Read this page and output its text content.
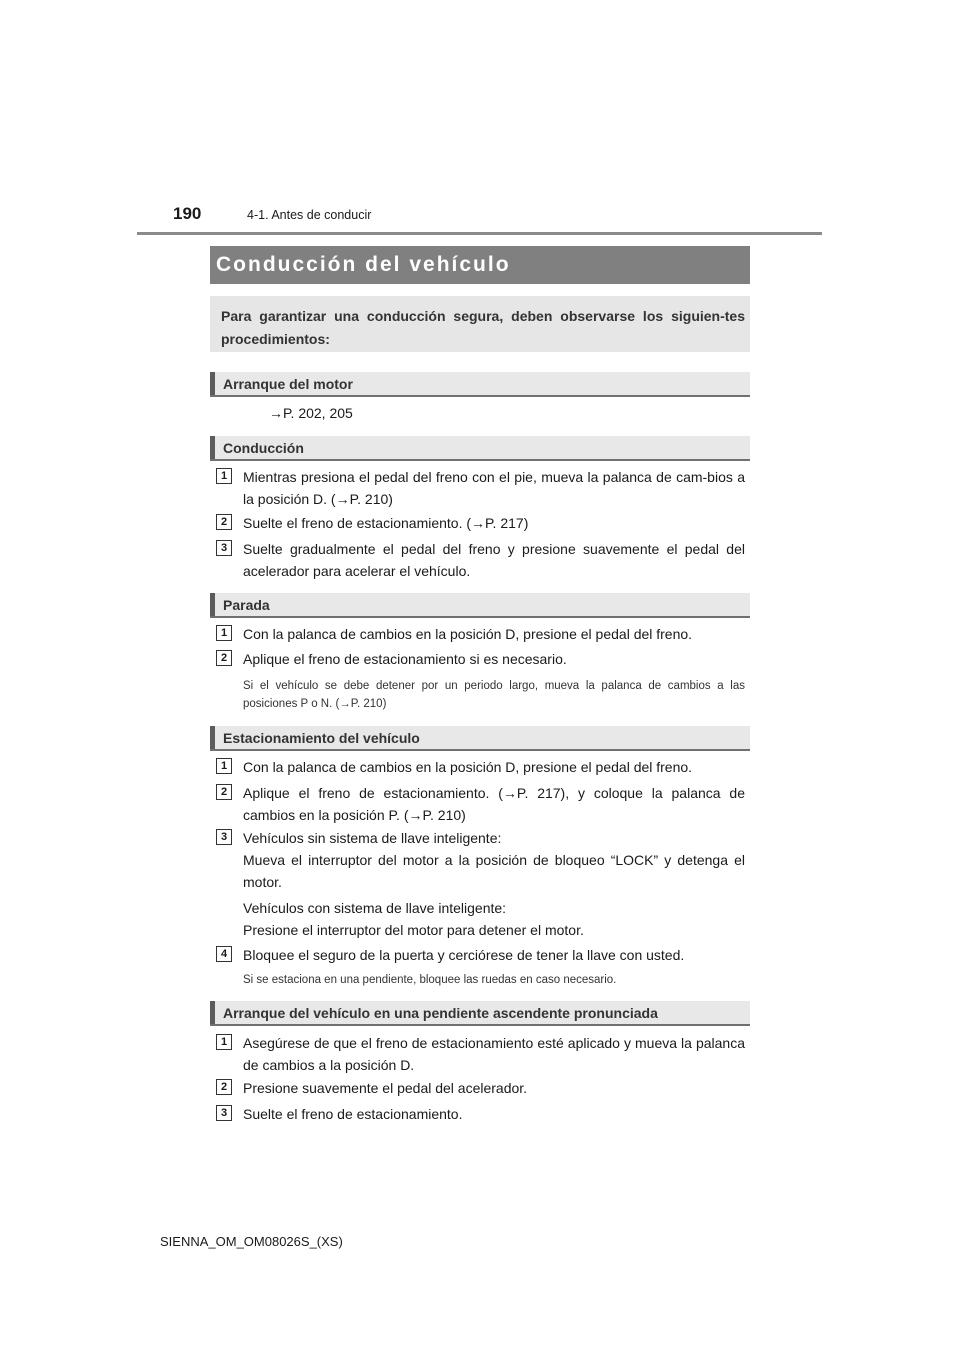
190	4-1. Antes de conducir
Conducción del vehículo
Para garantizar una conducción segura, deben observarse los siguien-tes procedimientos:
Arranque del motor
→P. 202, 205
Conducción
1	Mientras presiona el pedal del freno con el pie, mueva la palanca de cam-bios a la posición D. (→P. 210)
2	Suelte el freno de estacionamiento. (→P. 217)
3	Suelte gradualmente el pedal del freno y presione suavemente el pedal del acelerador para acelerar el vehículo.
Parada
1	Con la palanca de cambios en la posición D, presione el pedal del freno.
2	Aplique el freno de estacionamiento si es necesario.
Si el vehículo se debe detener por un periodo largo, mueva la palanca de cambios a las posiciones P o N. (→P. 210)
Estacionamiento del vehículo
1	Con la palanca de cambios en la posición D, presione el pedal del freno.
2	Aplique el freno de estacionamiento. (→P. 217), y coloque la palanca de cambios en la posición P. (→P. 210)
3	Vehículos sin sistema de llave inteligente:
Mueva el interruptor del motor a la posición de bloqueo “LOCK” y detenga el motor.
Vehículos con sistema de llave inteligente:
Presione el interruptor del motor para detener el motor.
4	Bloquee el seguro de la puerta y cerciórese de tener la llave con usted.
Si se estaciona en una pendiente, bloquee las ruedas en caso necesario.
Arranque del vehículo en una pendiente ascendente pronunciada
1	Asegúrese de que el freno de estacionamiento esté aplicado y mueva la palanca de cambios a la posición D.
2	Presione suavemente el pedal del acelerador.
3	Suelte el freno de estacionamiento.
SIENNA_OM_OM08026S_(XS)
